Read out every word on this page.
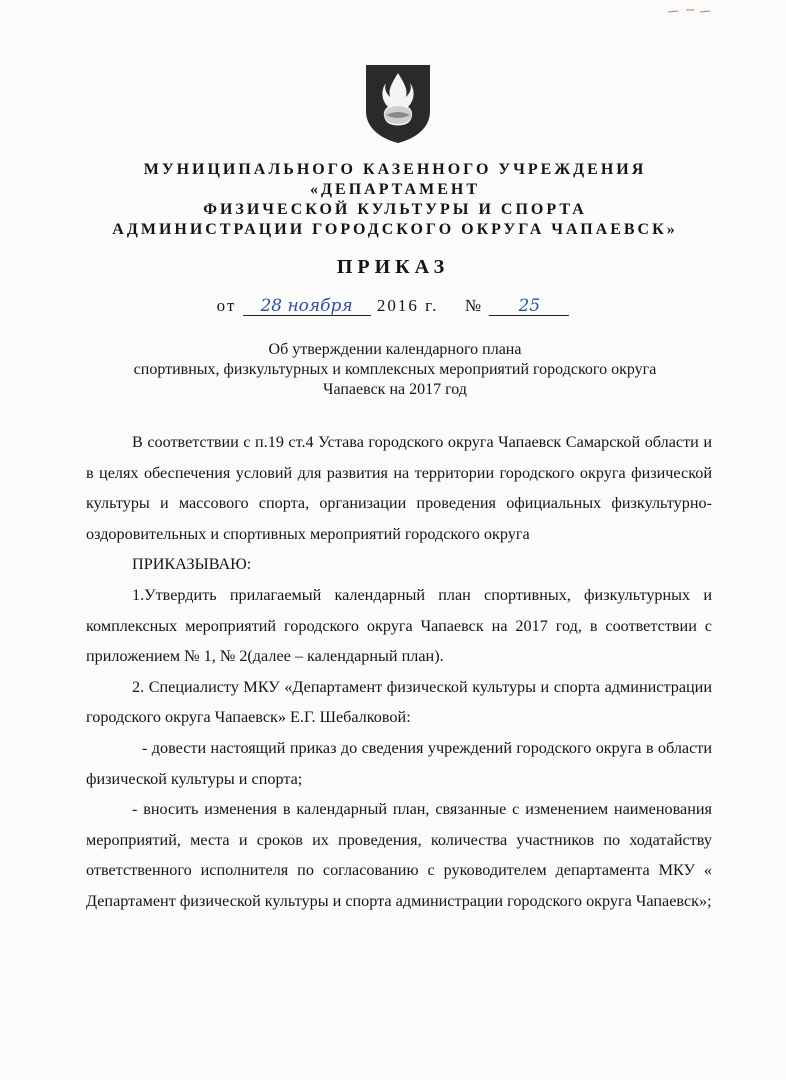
МУНИЦИПАЛЬНОГО КАЗЕННОГО УЧРЕЖДЕНИЯ
«ДЕПАРТАМЕНТ
ФИЗИЧЕСКОЙ КУЛЬТУРЫ И СПОРТА
АДМИНИСТРАЦИИ ГОРОДСКОГО ОКРУГА ЧАПАЕВСК»
ПРИКАЗ
от 28 ноября 2016 г. № 25
Об утверждении календарного плана
спортивных, физкультурных и комплексных мероприятий городского округа
Чапаевск на 2017 год

В соответствии с п.19 ст.4 Устава городского округа Чапаевск Самарской области и в целях обеспечения условий для развития на территории городского округа физической культуры и массового спорта, организации проведения официальных физкультурно-оздоровительных и спортивных мероприятий городского округа

ПРИКАЗЫВАЮ:

1.Утвердить прилагаемый календарный план спортивных, физкультурных и комплексных мероприятий городского округа Чапаевск на 2017 год, в соответствии с приложением № 1, № 2(далее – календарный план).

2. Специалисту МКУ «Департамент физической культуры и спорта администрации городского округа Чапаевск» Е.Г. Шебалковой:

- довести настоящий приказ до сведения учреждений городского округа в области физической культуры и спорта;

- вносить изменения в календарный план, связанные с изменением наименования мероприятий, места и сроков их проведения, количества участников по ходатайству ответственного исполнителя по согласованию с руководителем департамента МКУ « Департамент физической культуры и спорта администрации городского округа Чапаевск»;
